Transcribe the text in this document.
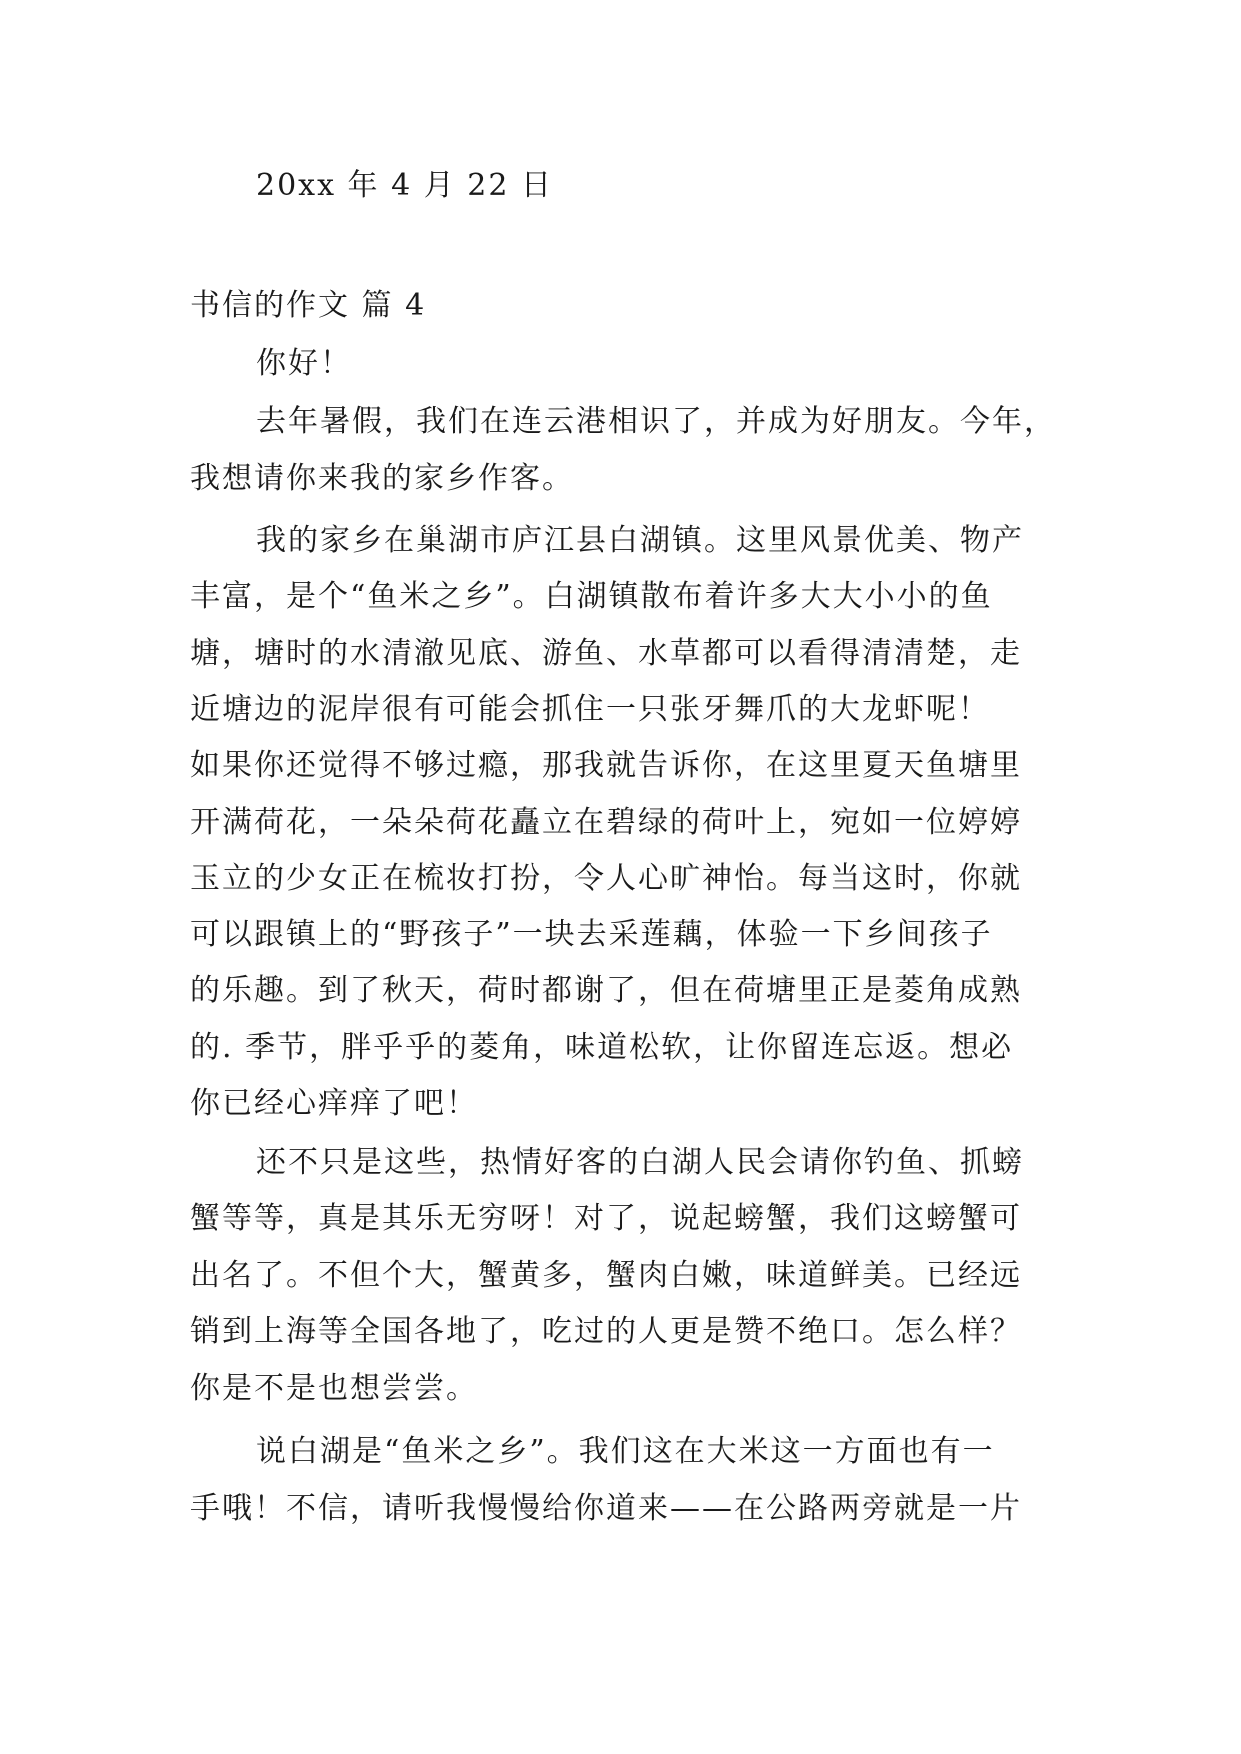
20xx 年 4 月 22 日
书信的作文 篇 4
你好！
去年暑假，我们在连云港相识了，并成为好朋友。今年，
我想请你来我的家乡作客。
我的家乡在巢湖市庐江县白湖镇。这里风景优美、物产
丰富，是个“鱼米之乡”。白湖镇散布着许多大大小小的鱼
塘，塘时的水清澈见底、游鱼、水草都可以看得清清楚，走
近塘边的泥岸很有可能会抓住一只张牙舞爪的大龙虾呢！
如果你还觉得不够过瘾，那我就告诉你，在这里夏天鱼塘里
开满荷花，一朵朵荷花矗立在碧绿的荷叶上，宛如一位婷婷
玉立的少女正在梳妆打扮，令人心旷神怡。每当这时，你就
可以跟镇上的“野孩子”一块去采莲藕，体验一下乡间孩子
的乐趣。到了秋天，荷时都谢了，但在荷塘里正是菱角成熟
的. 季节，胖乎乎的菱角，味道松软，让你留连忘返。想必
你已经心痒痒了吧！
还不只是这些，热情好客的白湖人民会请你钓鱼、抓螃
蟹等等，真是其乐无穷呀！对了，说起螃蟹，我们这螃蟹可
出名了。不但个大，蟹黄多，蟹肉白嫩，味道鲜美。已经远
销到上海等全国各地了，吃过的人更是赞不绝口。怎么样？
你是不是也想尝尝。
说白湖是“鱼米之乡”。我们这在大米这一方面也有一
手哦！不信，请听我慢慢给你道来——在公路两旁就是一片
